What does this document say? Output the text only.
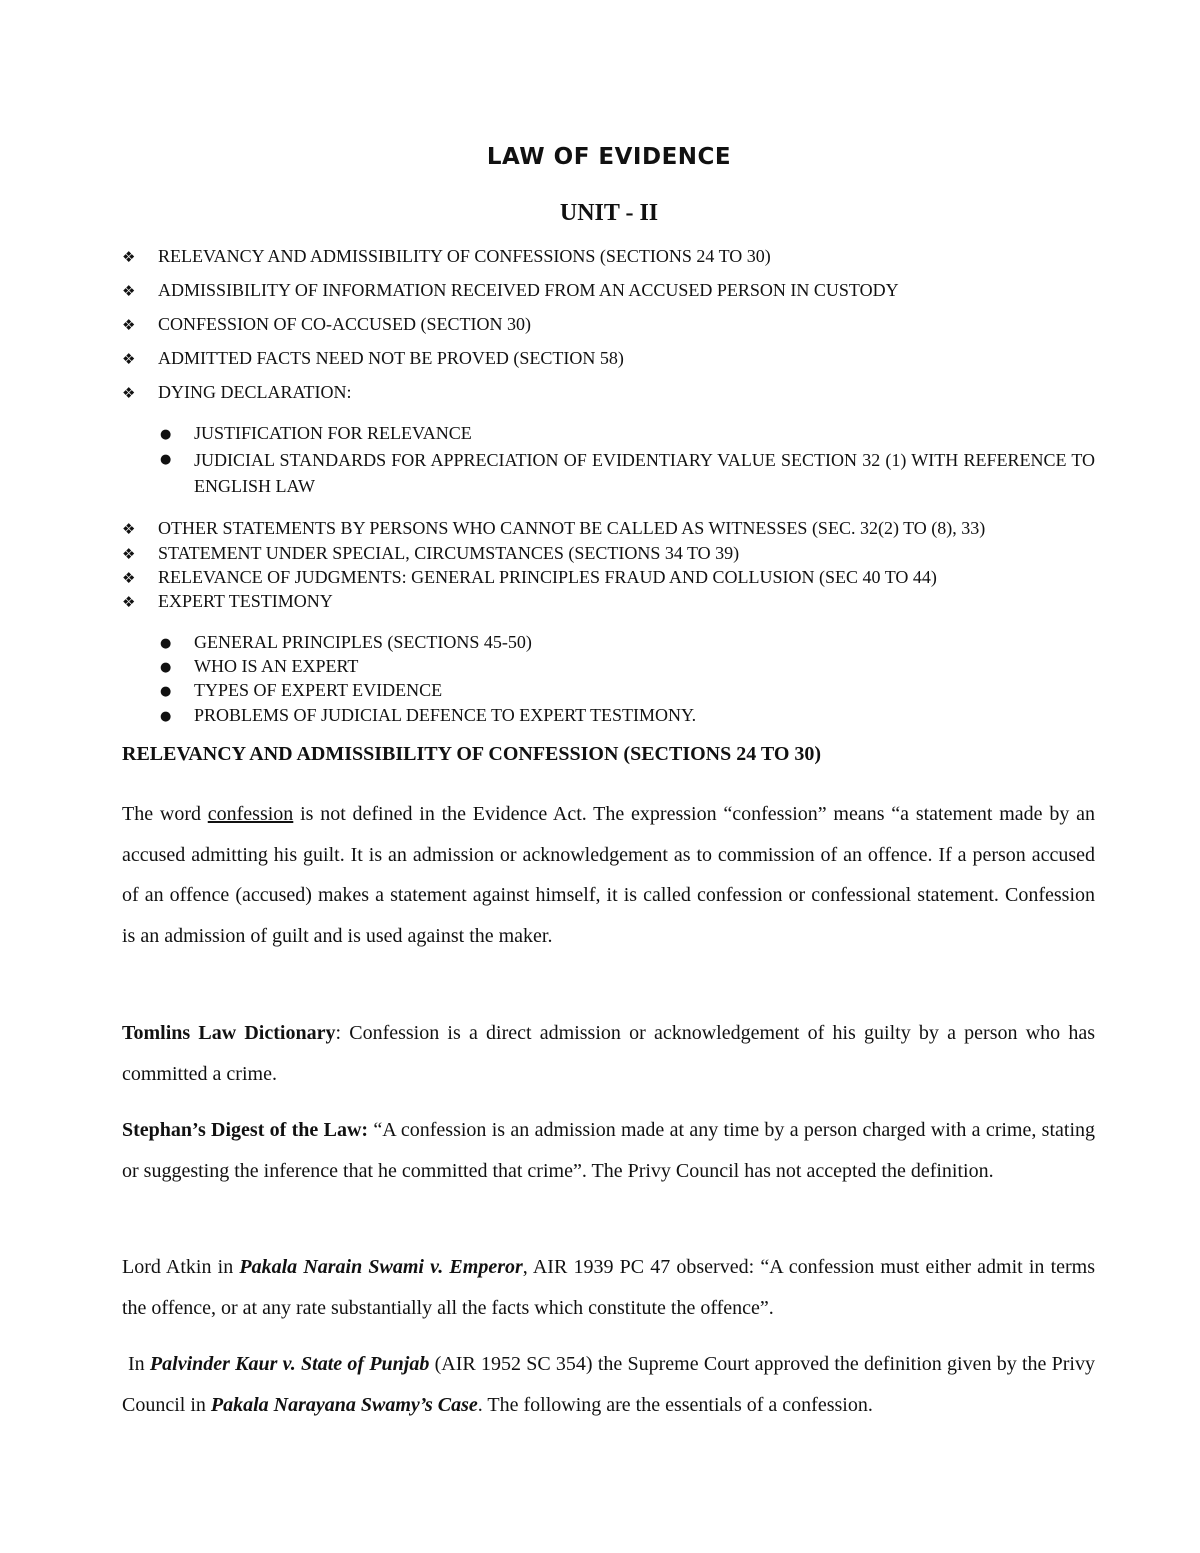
LAW OF EVIDENCE
UNIT - II
❖ RELEVANCY AND ADMISSIBILITY OF CONFESSIONS (SECTIONS 24 TO 30)
❖ ADMISSIBILITY OF INFORMATION RECEIVED FROM AN ACCUSED PERSON IN CUSTODY
❖ CONFESSION OF CO-ACCUSED (SECTION 30)
❖ ADMITTED FACTS NEED NOT BE PROVED (SECTION 58)
❖ DYING DECLARATION:
● JUSTIFICATION FOR RELEVANCE
● JUDICIAL STANDARDS FOR APPRECIATION OF EVIDENTIARY VALUE SECTION 32 (1) WITH REFERENCE TO ENGLISH LAW
❖ OTHER STATEMENTS BY PERSONS WHO CANNOT BE CALLED AS WITNESSES (SEC. 32(2) TO (8), 33)
❖ STATEMENT UNDER SPECIAL, CIRCUMSTANCES (SECTIONS 34 TO 39)
❖ RELEVANCE OF JUDGMENTS: GENERAL PRINCIPLES FRAUD AND COLLUSION (SEC 40 TO 44)
❖ EXPERT TESTIMONY
● GENERAL PRINCIPLES (SECTIONS 45-50)
● WHO IS AN EXPERT
● TYPES OF EXPERT EVIDENCE
● PROBLEMS OF JUDICIAL DEFENCE TO EXPERT TESTIMONY.
RELEVANCY AND ADMISSIBILITY OF CONFESSION (SECTIONS 24 TO 30)
The word confession is not defined in the Evidence Act. The expression “confession” means “a statement made by an accused admitting his guilt. It is an admission or acknowledgement as to commission of an offence. If a person accused of an offence (accused) makes a statement against himself, it is called confession or confessional statement. Confession is an admission of guilt and is used against the maker.
Tomlins Law Dictionary: Confession is a direct admission or acknowledgement of his guilty by a person who has committed a crime.
Stephan’s Digest of the Law: “A confession is an admission made at any time by a person charged with a crime, stating or suggesting the inference that he committed that crime”. The Privy Council has not accepted the definition.
Lord Atkin in Pakala Narain Swami v. Emperor, AIR 1939 PC 47 observed: “A confession must either admit in terms the offence, or at any rate substantially all the facts which constitute the offence”.
In Palvinder Kaur v. State of Punjab (AIR 1952 SC 354) the Supreme Court approved the definition given by the Privy Council in Pakala Narayana Swamy’s Case. The following are the essentials of a confession.
